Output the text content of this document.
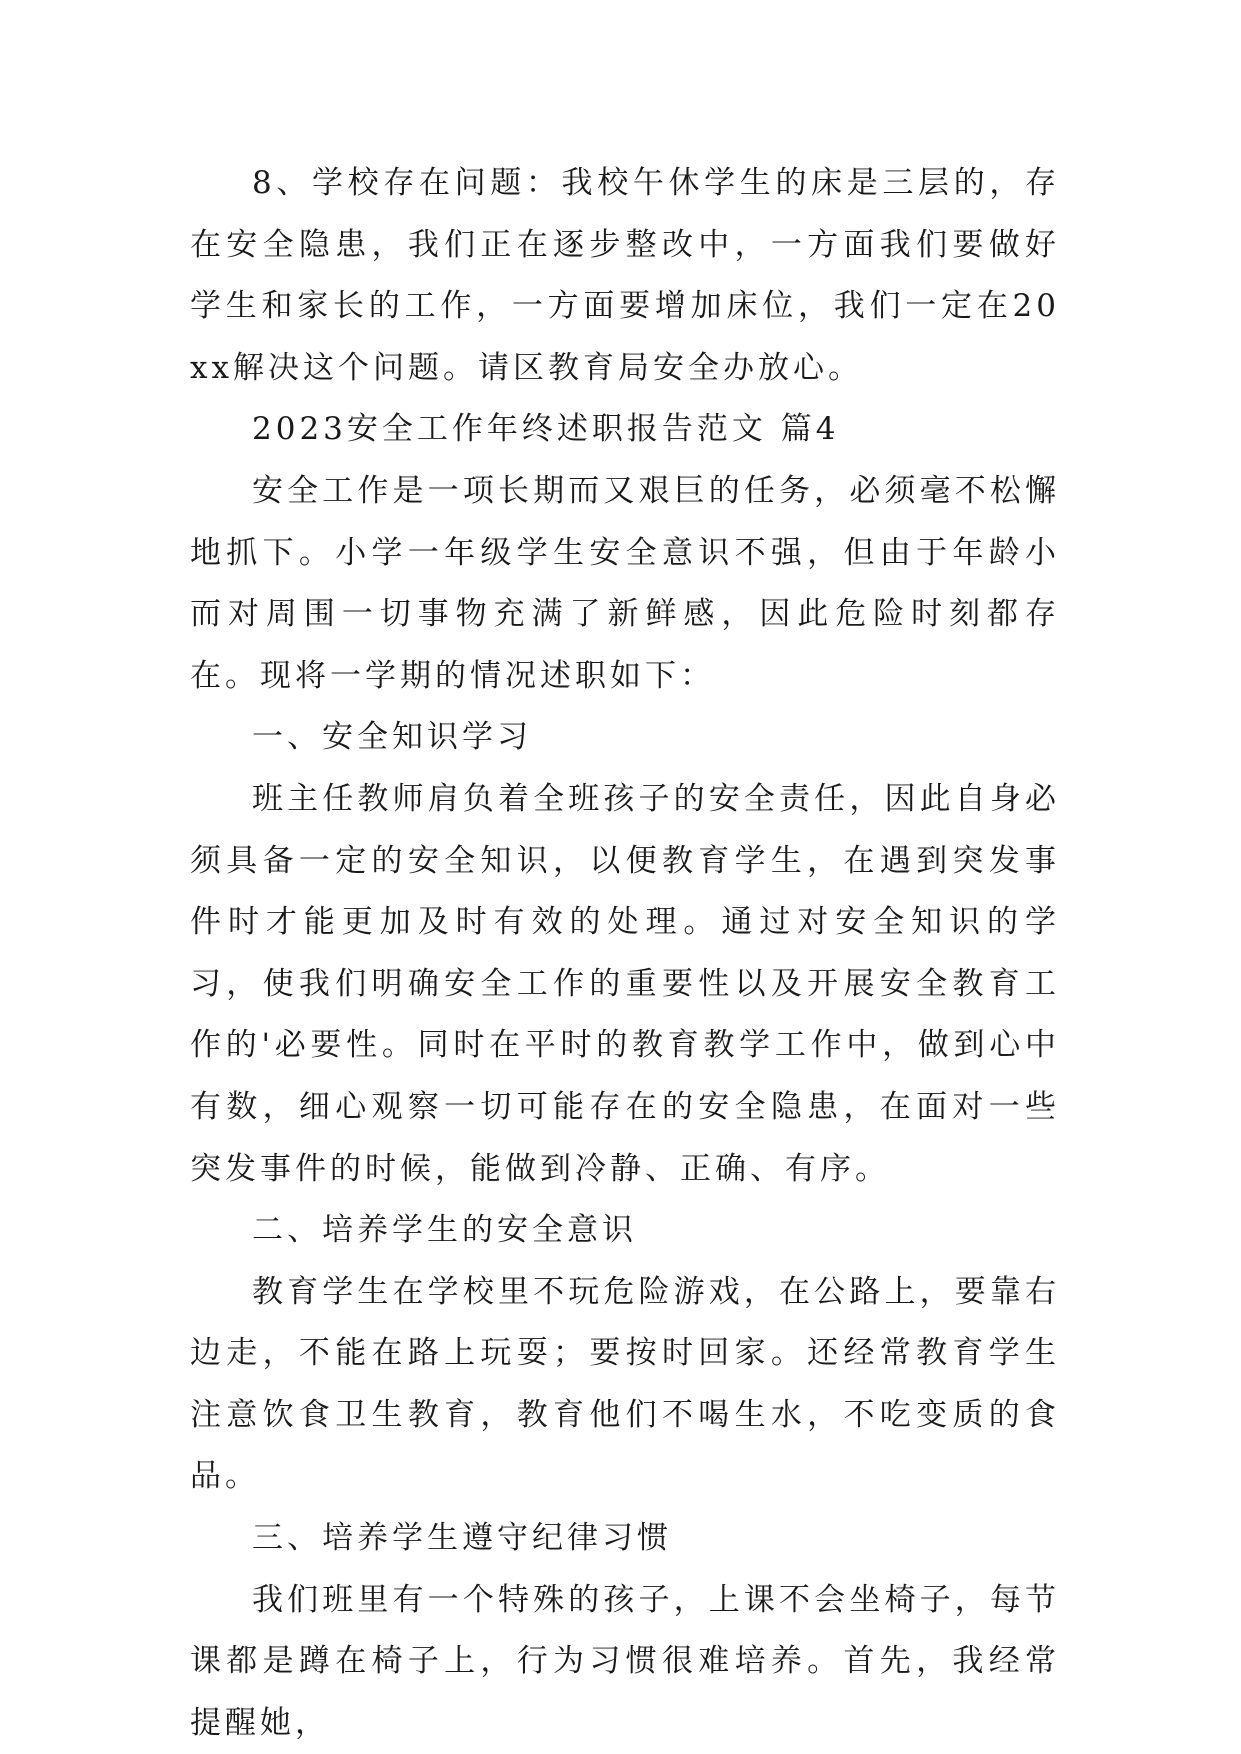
8、学校存在问题：我校午休学生的床是三层的，存在安全隐患，我们正在逐步整改中，一方面我们要做好学生和家长的工作，一方面要增加床位，我们一定在20xx解决这个问题。请区教育局安全办放心。

2023安全工作年终述职报告范文 篇4

安全工作是一项长期而又艰巨的任务，必须毫不松懈地抓下。小学一年级学生安全意识不强，但由于年龄小而对周围一切事物充满了新鲜感，因此危险时刻都存在。现将一学期的情况述职如下：

一、安全知识学习

班主任教师肩负着全班孩子的安全责任，因此自身必须具备一定的安全知识，以便教育学生，在遇到突发事件时才能更加及时有效的处理。通过对安全知识的学习，使我们明确安全工作的重要性以及开展安全教育工作的'必要性。同时在平时的教育教学工作中，做到心中有数，细心观察一切可能存在的安全隐患，在面对一些突发事件的时候，能做到冷静、正确、有序。

二、培养学生的安全意识

教育学生在学校里不玩危险游戏，在公路上，要靠右边走，不能在路上玩耍；要按时回家。还经常教育学生注意饮食卫生教育，教育他们不喝生水，不吃变质的食品。

三、培养学生遵守纪律习惯

我们班里有一个特殊的孩子，上课不会坐椅子，每节课都是蹲在椅子上，行为习惯很难培养。首先，我经常提醒她，
